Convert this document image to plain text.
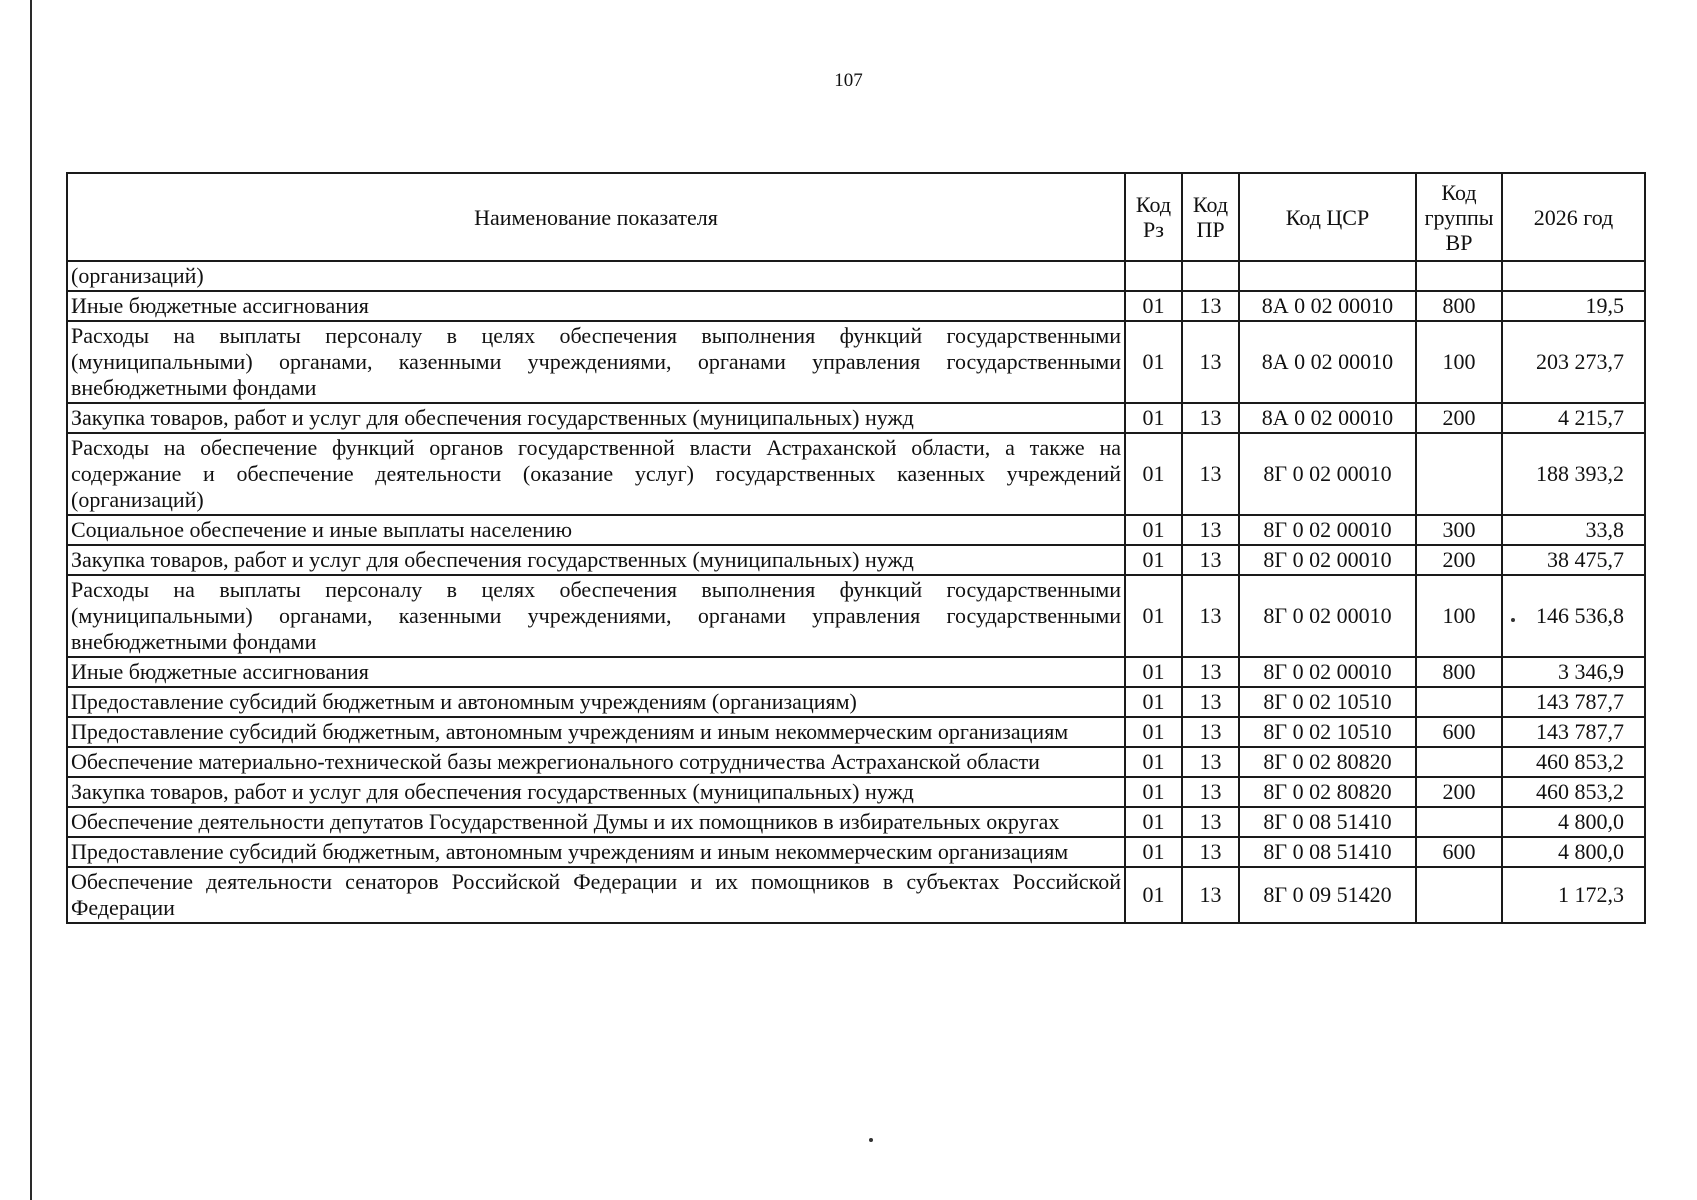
107
Наименование показателя	Код Рз	Код ПР	Код ЦСР	Код группы ВР	2026 год
(организаций)					
Иные бюджетные ассигнования	01	13	8А 0 02 00010	800	19,5
Расходы на выплаты персоналу в целях обеспечения выполнения функций государственными (муниципальными) органами, казенными учреждениями, органами управления государственными внебюджетными фондами	01	13	8А 0 02 00010	100	203 273,7
Закупка товаров, работ и услуг для обеспечения государственных (муниципальных) нужд	01	13	8А 0 02 00010	200	4 215,7
Расходы на обеспечение функций органов государственной власти Астраханской области, а также на содержание и обеспечение деятельности (оказание услуг) государственных казенных учреждений (организаций)	01	13	8Г 0 02 00010		188 393,2
Социальное обеспечение и иные выплаты населению	01	13	8Г 0 02 00010	300	33,8
Закупка товаров, работ и услуг для обеспечения государственных (муниципальных) нужд	01	13	8Г 0 02 00010	200	38 475,7
Расходы на выплаты персоналу в целях обеспечения выполнения функций государственными (муниципальными) органами, казенными учреждениями, органами управления государственными внебюджетными фондами	01	13	8Г 0 02 00010	100	146 536,8
Иные бюджетные ассигнования	01	13	8Г 0 02 00010	800	3 346,9
Предоставление субсидий бюджетным и автономным учреждениям (организациям)	01	13	8Г 0 02 10510		143 787,7
Предоставление субсидий бюджетным, автономным учреждениям и иным некоммерческим организациям	01	13	8Г 0 02 10510	600	143 787,7
Обеспечение материально-технической базы межрегионального сотрудничества Астраханской области	01	13	8Г 0 02 80820		460 853,2
Закупка товаров, работ и услуг для обеспечения государственных (муниципальных) нужд	01	13	8Г 0 02 80820	200	460 853,2
Обеспечение деятельности депутатов Государственной Думы и их помощников в избирательных округах	01	13	8Г 0 08 51410		4 800,0
Предоставление субсидий бюджетным, автономным учреждениям и иным некоммерческим организациям	01	13	8Г 0 08 51410	600	4 800,0
Обеспечение деятельности сенаторов Российской Федерации и их помощников в субъектах Российской Федерации	01	13	8Г 0 09 51420		1 172,3
